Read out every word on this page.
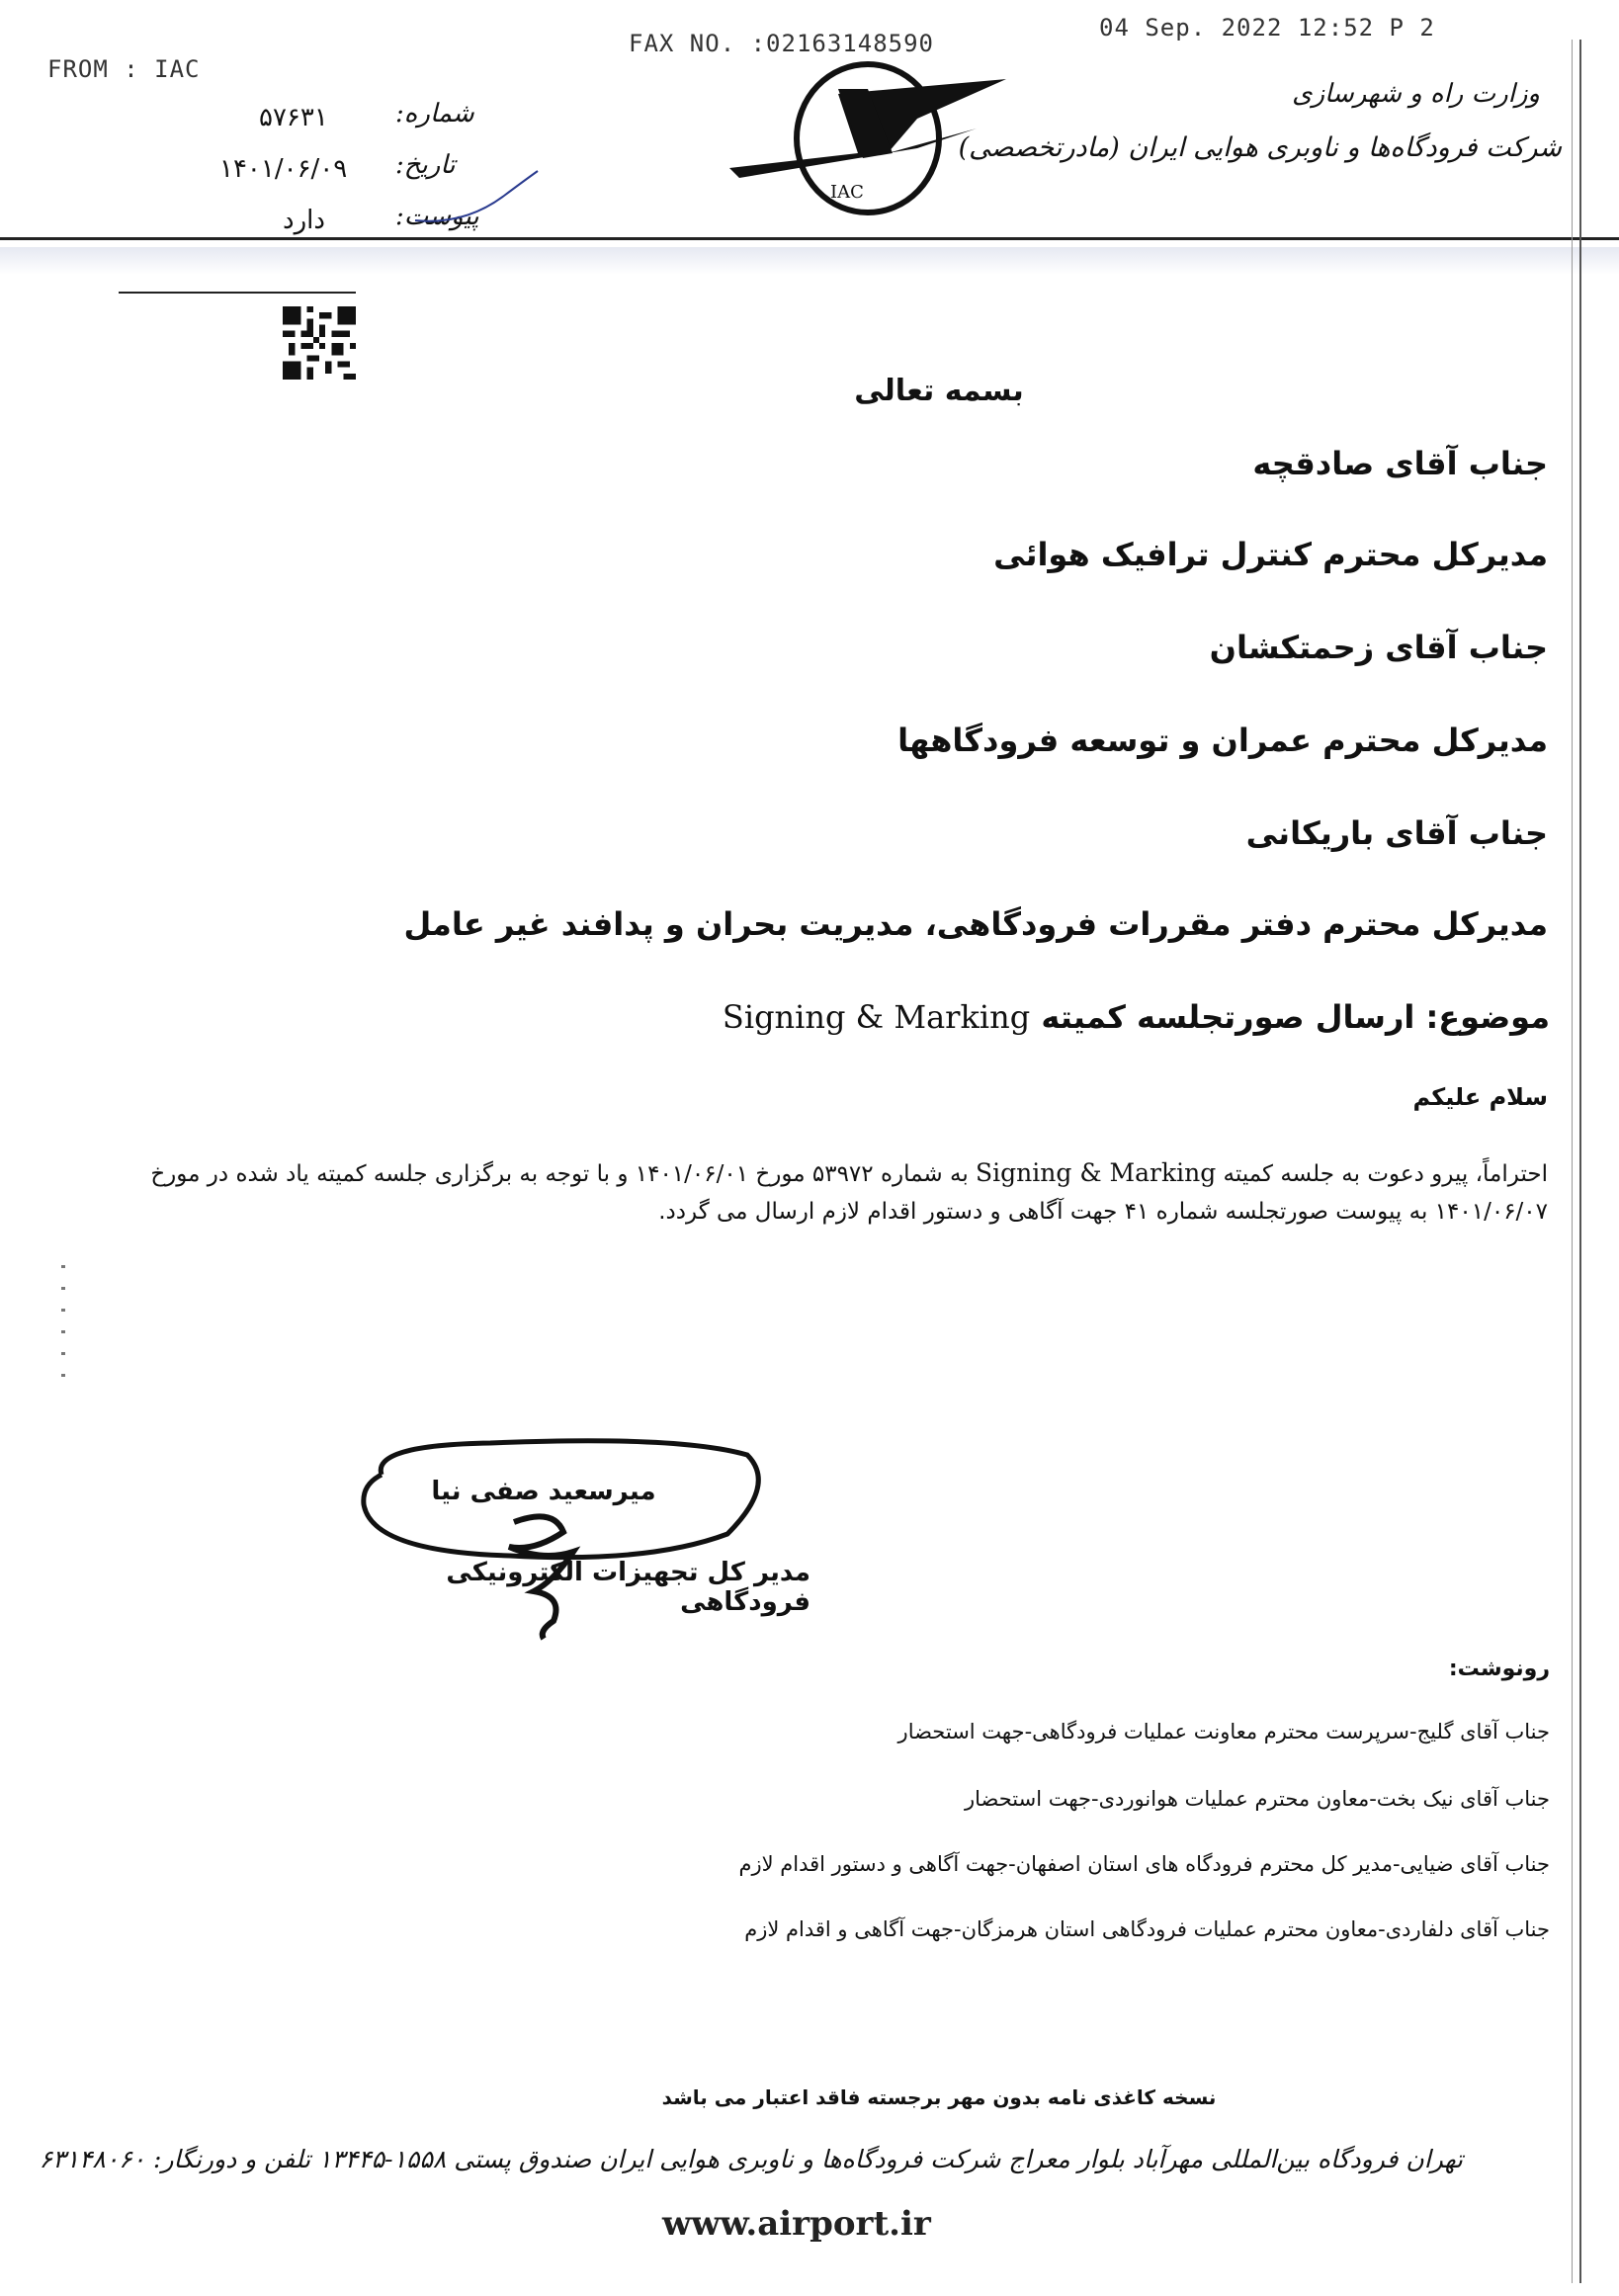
FROM : IAC
FAX NO. :02163148590
04 Sep. 2022 12:52 P 2
شماره:
۵۷۶۳۱
تاریخ:
۱۴۰۱/۰۶/۰۹
پیوست:
دارد
IAC
وزارت راه و شهرسازی
شرکت فرودگاه‌ها و ناوبری هوایی ایران (مادرتخصصی)
بسمه تعالی
جناب آقای صادقچه
مدیرکل محترم کنترل ترافیک هوائی
جناب آقای زحمتکشان
مدیرکل محترم عمران و توسعه فرودگاهها
جناب آقای باریکانی
مدیرکل محترم دفتر مقررات فرودگاهی، مدیریت بحران و پدافند غیر عامل
موضوع: ارسال صورتجلسه کمیته Signing & Marking
سلام علیکم
احتراماً، پیرو دعوت به جلسه کمیته Signing & Marking به شماره ۵۳۹۷۲ مورخ ۱۴۰۱/۰۶/۰۱ و با توجه به برگزاری جلسه کمیته یاد شده در مورخ ۱۴۰۱/۰۶/۰۷ به پیوست صورتجلسه شماره ۴۱ جهت آگاهی و دستور اقدام لازم ارسال می گردد.
میرسعید صفی نیا
مدیر کل تجهیزات الکترونیکی فرودگاهی
رونوشت:
جناب آقای گلیج-سرپرست محترم معاونت عملیات فرودگاهی-جهت استحضار
جناب آقای نیک بخت-معاون محترم عملیات هوانوردی-جهت استحضار
جناب آقای ضیایی-مدیر کل محترم فرودگاه های استان اصفهان-جهت آگاهی و دستور اقدام لازم
جناب آقای دلفاردی-معاون محترم عملیات فرودگاهی استان هرمزگان-جهت آگاهی و اقدام لازم
نسخه کاغذی نامه بدون مهر برجسته فاقد اعتبار می باشد
تهران فرودگاه بین‌المللی مهرآباد بلوار معراج شرکت فرودگاه‌ها و ناوبری هوایی ایران صندوق پستی ۱۵۵۸-۱۳۴۴۵ تلفن و دورنگار: ۶۳۱۴۸۰۶۰
www.airport.ir
